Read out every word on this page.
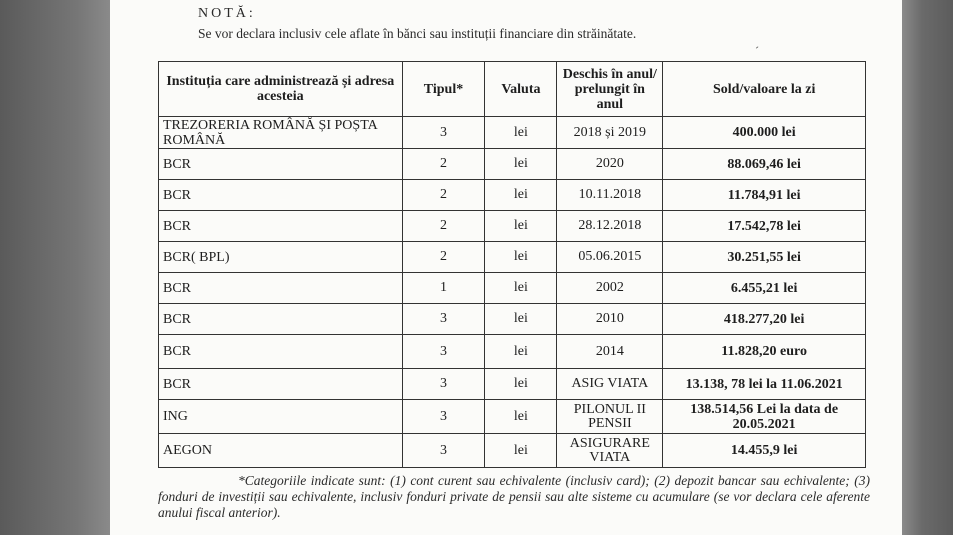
NOTĂ:
Se vor declara inclusiv cele aflate în bănci sau instituții financiare din străinătate.
´
Instituția care administrează și adresa acesteia	Tipul*	Valuta	Deschis în anul/ prelungit în anul	Sold/valoare la zi
TREZORERIA ROMÂNĂ ȘI POȘTA ROMÂNĂ	3	lei	2018 și 2019	400.000 lei
BCR	2	lei	2020	88.069,46 lei
BCR	2	lei	10.11.2018	11.784,91 lei
BCR	2	lei	28.12.2018	17.542,78 lei
BCR( BPL)	2	lei	05.06.2015	30.251,55 lei
BCR	1	lei	2002	6.455,21 lei
BCR	3	lei	2010	418.277,20 lei
BCR	3	lei	2014	11.828,20 euro
BCR	3	lei	ASIG VIATA	13.138, 78 lei la 11.06.2021
ING	3	lei	PILONUL II PENSII	138.514,56 Lei la data de 20.05.2021
AEGON	3	lei	ASIGURARE VIATA	14.455,9 lei
*Categoriile indicate sunt: (1) cont curent sau echivalente (inclusiv card); (2) depozit bancar sau echivalente; (3) fonduri de investiții sau echivalente, inclusiv fonduri private de pensii sau alte sisteme cu acumulare (se vor declara cele aferente anului fiscal anterior).
